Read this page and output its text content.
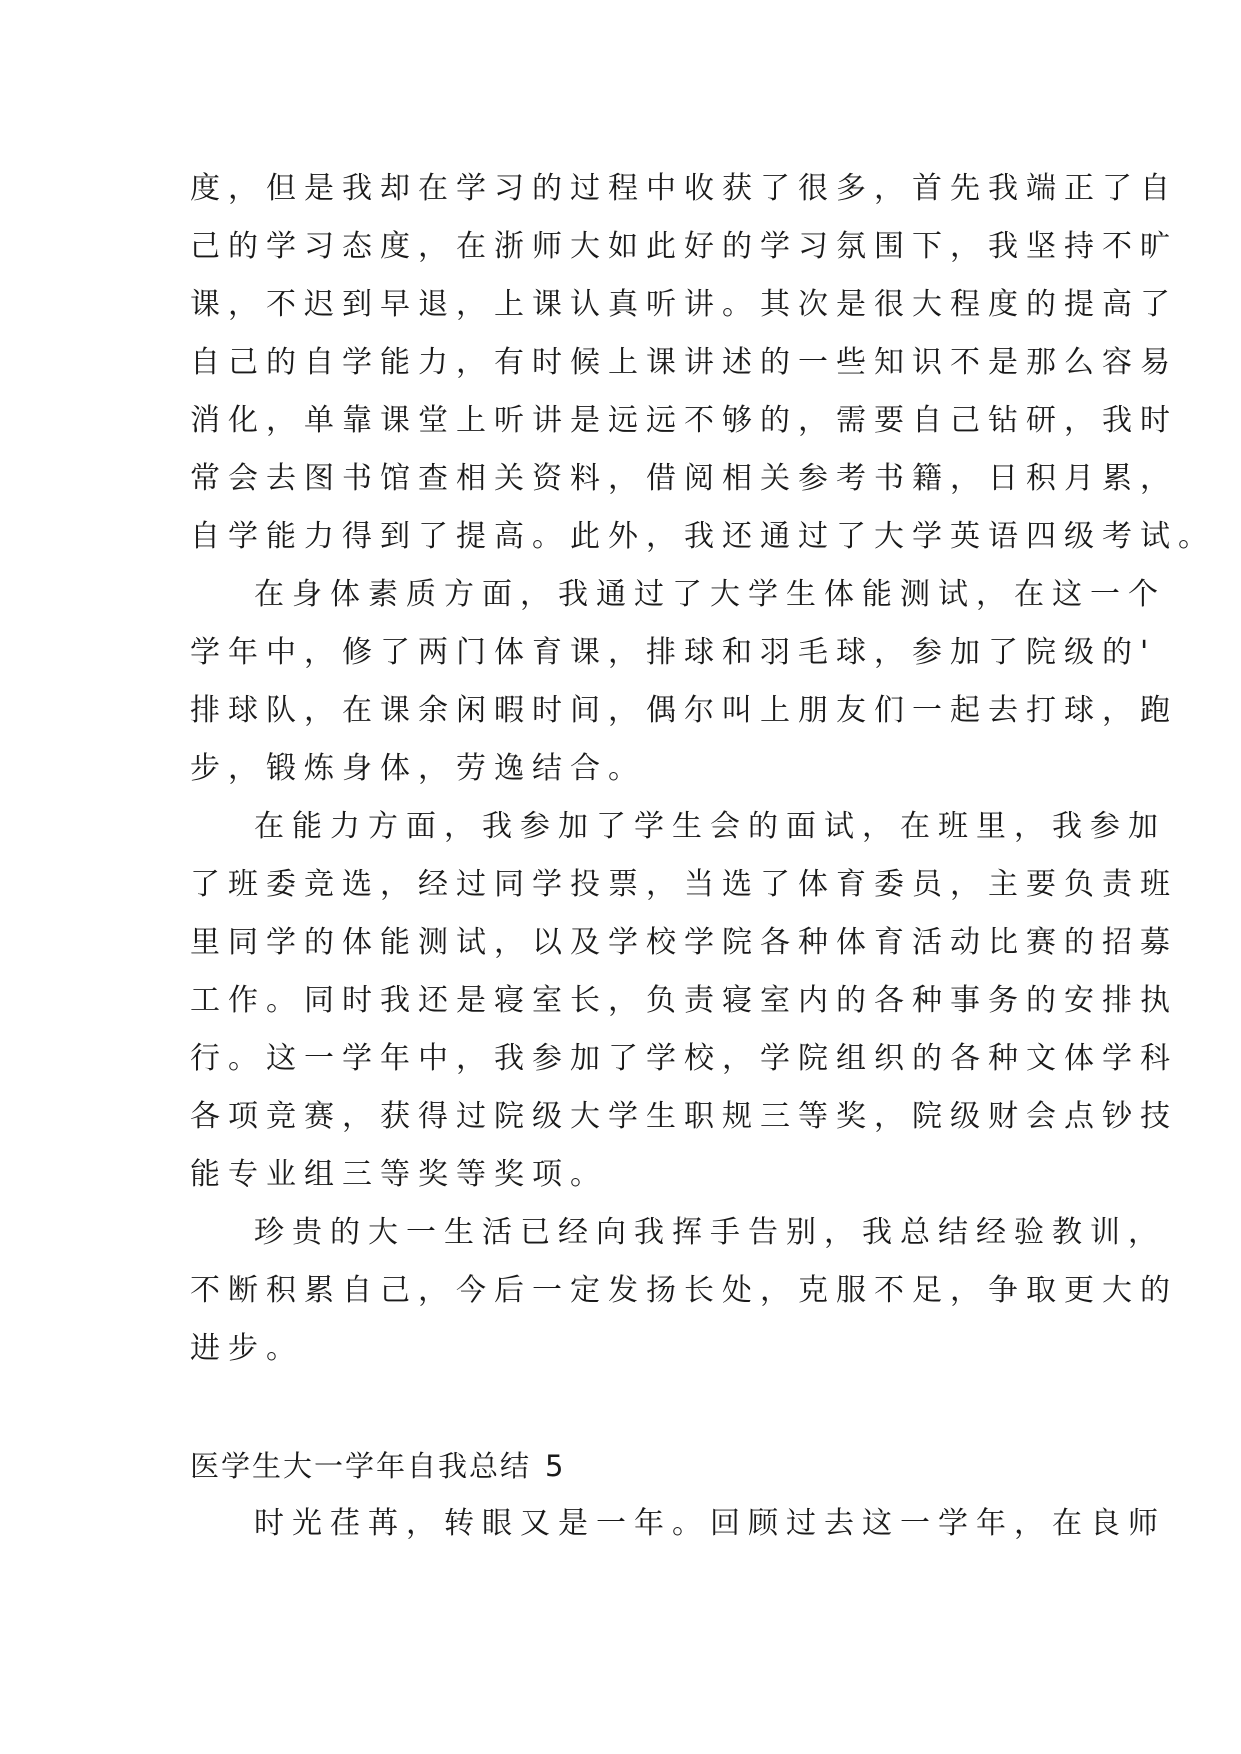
度，但是我却在学习的过程中收获了很多，首先我端正了自
己的学习态度，在浙师大如此好的学习氛围下，我坚持不旷
课，不迟到早退，上课认真听讲。其次是很大程度的提高了
自己的自学能力，有时候上课讲述的一些知识不是那么容易
消化，单靠课堂上听讲是远远不够的，需要自己钻研，我时
常会去图书馆查相关资料，借阅相关参考书籍，日积月累，
自学能力得到了提高。此外，我还通过了大学英语四级考试。
在身体素质方面，我通过了大学生体能测试，在这一个
学年中，修了两门体育课，排球和羽毛球，参加了院级的'
排球队，在课余闲暇时间，偶尔叫上朋友们一起去打球，跑
步，锻炼身体，劳逸结合。
在能力方面，我参加了学生会的面试，在班里，我参加
了班委竞选，经过同学投票，当选了体育委员，主要负责班
里同学的体能测试，以及学校学院各种体育活动比赛的招募
工作。同时我还是寝室长，负责寝室内的各种事务的安排执
行。这一学年中，我参加了学校，学院组织的各种文体学科
各项竞赛，获得过院级大学生职规三等奖，院级财会点钞技
能专业组三等奖等奖项。
珍贵的大一生活已经向我挥手告别，我总结经验教训，
不断积累自己，今后一定发扬长处，克服不足，争取更大的
进步。
医学生大一学年自我总结 5
时光荏苒，转眼又是一年。回顾过去这一学年，在良师
